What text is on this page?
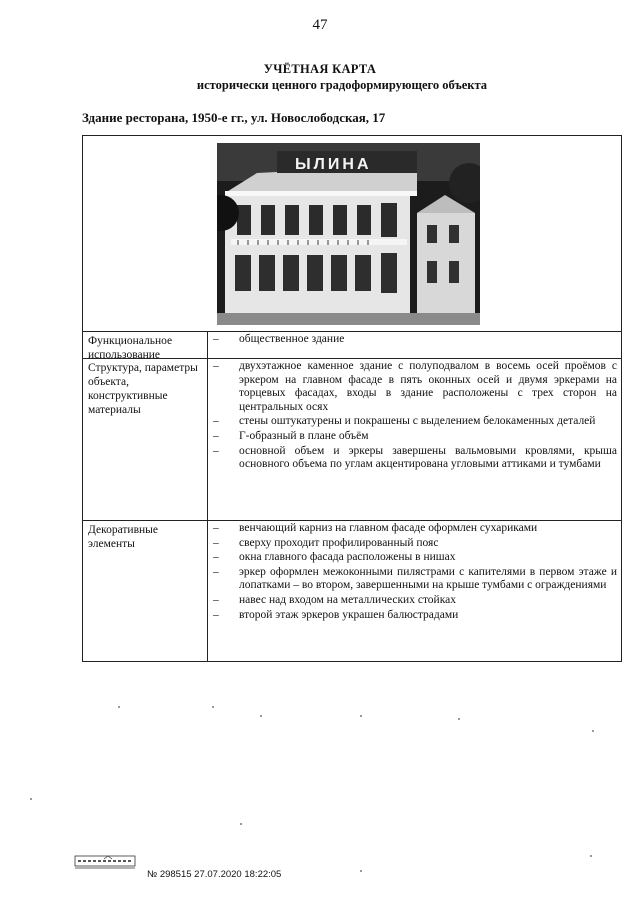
47
УЧЁТНАЯ КАРТА
исторически ценного градоформирующего объекта
Здание ресторана, 1950-е гг., ул. Новослободская, 17
ЫЛИНА
Функциональное использование
–	общественное здание
Структура, параметры объекта, конструктивные материалы
–	двухэтажное каменное здание с полуподвалом в восемь осей проёмов с эркером на главном фасаде в пять оконных осей и двумя эркерами на торцевых фасадах, входы в здание расположены с трех сторон на центральных осях
–	стены оштукатурены и покрашены с выделением белокаменных деталей
–	Г-образный в плане объём
–	основной объем и эркеры завершены вальмовыми кровлями, крыша основного объема по углам акцентирована угловыми аттиками и тумбами
Декоративные элементы
–	венчающий карниз на главном фасаде оформлен сухариками
–	сверху проходит профилированный пояс
–	окна главного фасада расположены в нишах
–	эркер оформлен межоконными пилястрами с капителями в первом этаже и лопатками – во втором, завершенными на крыше тумбами с ограждениями
–	навес над входом на металлических стойках
–	второй этаж эркеров украшен балюстрадами
№ 298515 27.07.2020 18:22:05
